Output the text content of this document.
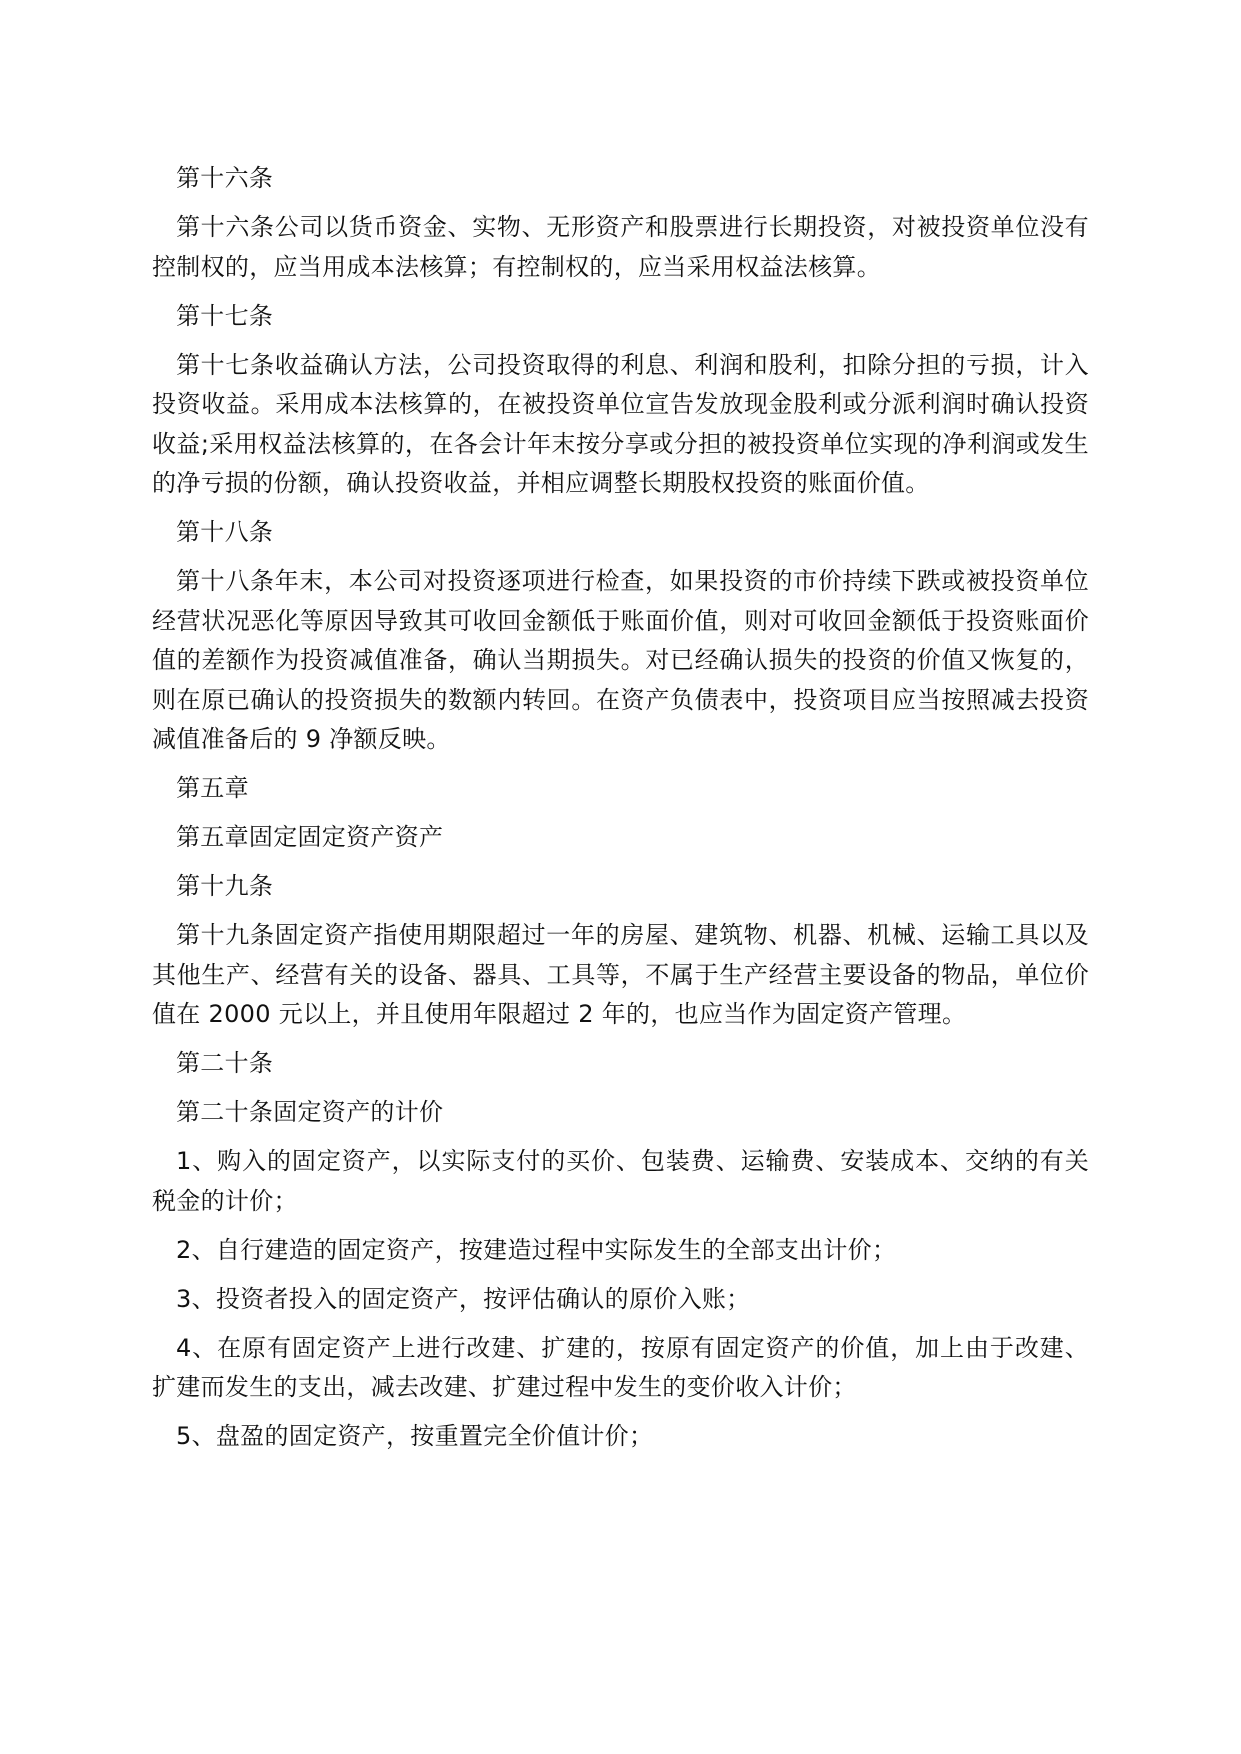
第十六条

第十六条公司以货币资金、实物、无形资产和股票进行长期投资，对被投资单位没有控制权的，应当用成本法核算；有控制权的，应当采用权益法核算。

第十七条

第十七条收益确认方法，公司投资取得的利息、利润和股利，扣除分担的亏损，计入投资收益。采用成本法核算的，在被投资单位宣告发放现金股利或分派利润时确认投资收益;采用权益法核算的，在各会计年末按分享或分担的被投资单位实现的净利润或发生的净亏损的份额，确认投资收益，并相应调整长期股权投资的账面价值。

第十八条

第十八条年末，本公司对投资逐项进行检查，如果投资的市价持续下跌或被投资单位经营状况恶化等原因导致其可收回金额低于账面价值，则对可收回金额低于投资账面价值的差额作为投资减值准备，确认当期损失。对已经确认损失的投资的价值又恢复的，则在原已确认的投资损失的数额内转回。在资产负债表中，投资项目应当按照减去投资减值准备后的 9 净额反映。

第五章

第五章固定固定资产资产

第十九条

第十九条固定资产指使用期限超过一年的房屋、建筑物、机器、机械、运输工具以及其他生产、经营有关的设备、器具、工具等，不属于生产经营主要设备的物品，单位价值在 2000 元以上，并且使用年限超过 2 年的，也应当作为固定资产管理。

第二十条

第二十条固定资产的计价

1、购入的固定资产，以实际支付的买价、包装费、运输费、安装成本、交纳的有关税金的计价；

2、自行建造的固定资产，按建造过程中实际发生的全部支出计价；

3、投资者投入的固定资产，按评估确认的原价入账；

4、在原有固定资产上进行改建、扩建的，按原有固定资产的价值，加上由于改建、扩建而发生的支出，减去改建、扩建过程中发生的变价收入计价；

5、盘盈的固定资产，按重置完全价值计价；
